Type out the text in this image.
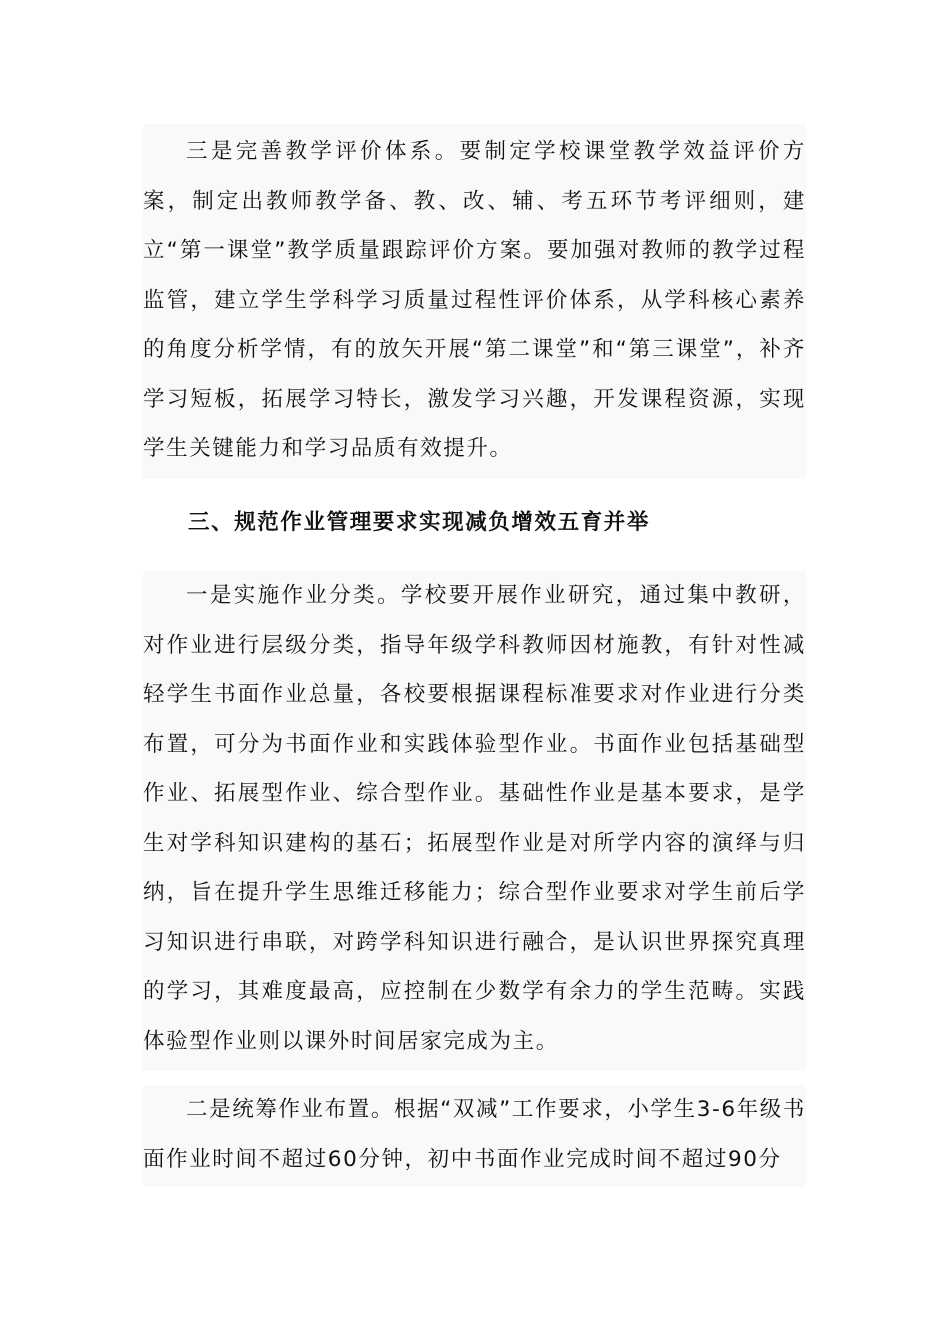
三是完善教学评价体系。要制定学校课堂教学效益评价方案，制定出教师教学备、教、改、辅、考五环节考评细则，建立“第一课堂”教学质量跟踪评价方案。要加强对教师的教学过程监管，建立学生学科学习质量过程性评价体系，从学科核心素养的角度分析学情，有的放矢开展“第二课堂”和“第三课堂”，补齐学习短板，拓展学习特长，激发学习兴趣，开发课程资源，实现学生关键能力和学习品质有效提升。

三、规范作业管理要求实现减负增效五育并举

一是实施作业分类。学校要开展作业研究，通过集中教研，对作业进行层级分类，指导年级学科教师因材施教，有针对性减轻学生书面作业总量，各校要根据课程标准要求对作业进行分类布置，可分为书面作业和实践体验型作业。书面作业包括基础型作业、拓展型作业、综合型作业。基础性作业是基本要求，是学生对学科知识建构的基石；拓展型作业是对所学内容的演绎与归纳，旨在提升学生思维迁移能力；综合型作业要求对学生前后学习知识进行串联，对跨学科知识进行融合，是认识世界探究真理的学习，其难度最高，应控制在少数学有余力的学生范畴。实践体验型作业则以课外时间居家完成为主。

二是统筹作业布置。根据“双减”工作要求，小学生3-6年级书面作业时间不超过60分钟，初中书面作业完成时间不超过90分
